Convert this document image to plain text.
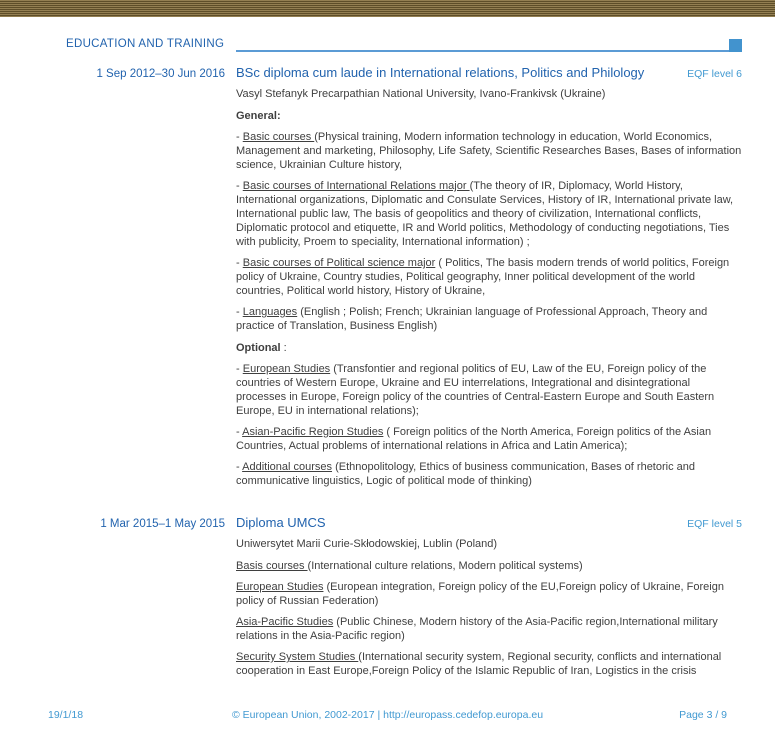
EDUCATION AND TRAINING
1 Sep 2012–30 Jun 2016 BSc diploma cum laude in International relations, Politics and Philology	EQF level 6

Vasyl Stefanyk Precarpathian National University, Ivano-Frankivsk (Ukraine)

General:

- Basic courses (Physical training, Modern information technology in education, World Economics, Management and marketing, Philosophy, Life Safety, Scientific Researches Bases, Bases of information science, Ukrainian Culture history,

- Basic courses of International Relations major (The theory of IR, Diplomacy, World History, International organizations, Diplomatic and Consulate Services, History of IR, International private law, International public law, The basis of geopolitics and theory of civilization, International conflicts, Diplomatic protocol and etiquette, IR and World politics, Methodology of conducting negotiations, Ties with publicity, Proem to speciality, International information) ;

- Basic courses of Political science major ( Politics, The basis modern trends of world politics, Foreign policy of Ukraine, Country studies, Political geography, Inner political development of the world countries, Political world history, History of Ukraine,

- Languages (English ; Polish; French; Ukrainian language of Professional Approach, Theory and practice of Translation, Business English)

Optional :

- European Studies (Transfontier and regional politics of EU, Law of the EU, Foreign policy of the countries of Western Europe, Ukraine and EU interrelations, Integrational and disintegrational processes in Europe, Foreign policy of the countries of Central-Eastern Europe and South Eastern Europe, EU in international relations);

- Asian-Pacific Region Studies ( Foreign politics of the North America, Foreign politics of the Asian Countries, Actual problems of international relations in Africa and Latin America);

- Additional courses (Ethnopolitology, Ethics of business communication, Bases of rhetoric and communicative linguistics, Logic of political mode of thinking)

1 Mar 2015–1 May 2015 Diploma UMCS	EQF level 5

Uniwersytet Marii Curie-Skłodowskiej, Lublin (Poland)

Basis courses (International culture relations, Modern political systems)

European Studies (European integration, Foreign policy of the EU,Foreign policy of Ukraine, Foreign policy of Russian Federation)

Asia-Pacific Studies (Public Chinese, Modern history of the Asia-Pacific region,International military relations in the Asia-Pacific region)

Security System Studies (International security system, Regional security, conflicts and international cooperation in East Europe,Foreign Policy of the Islamic Republic of Iran, Logistics in the crisis

19/1/18	© European Union, 2002-2017 | http://europass.cedefop.europa.eu	Page 3 / 9
